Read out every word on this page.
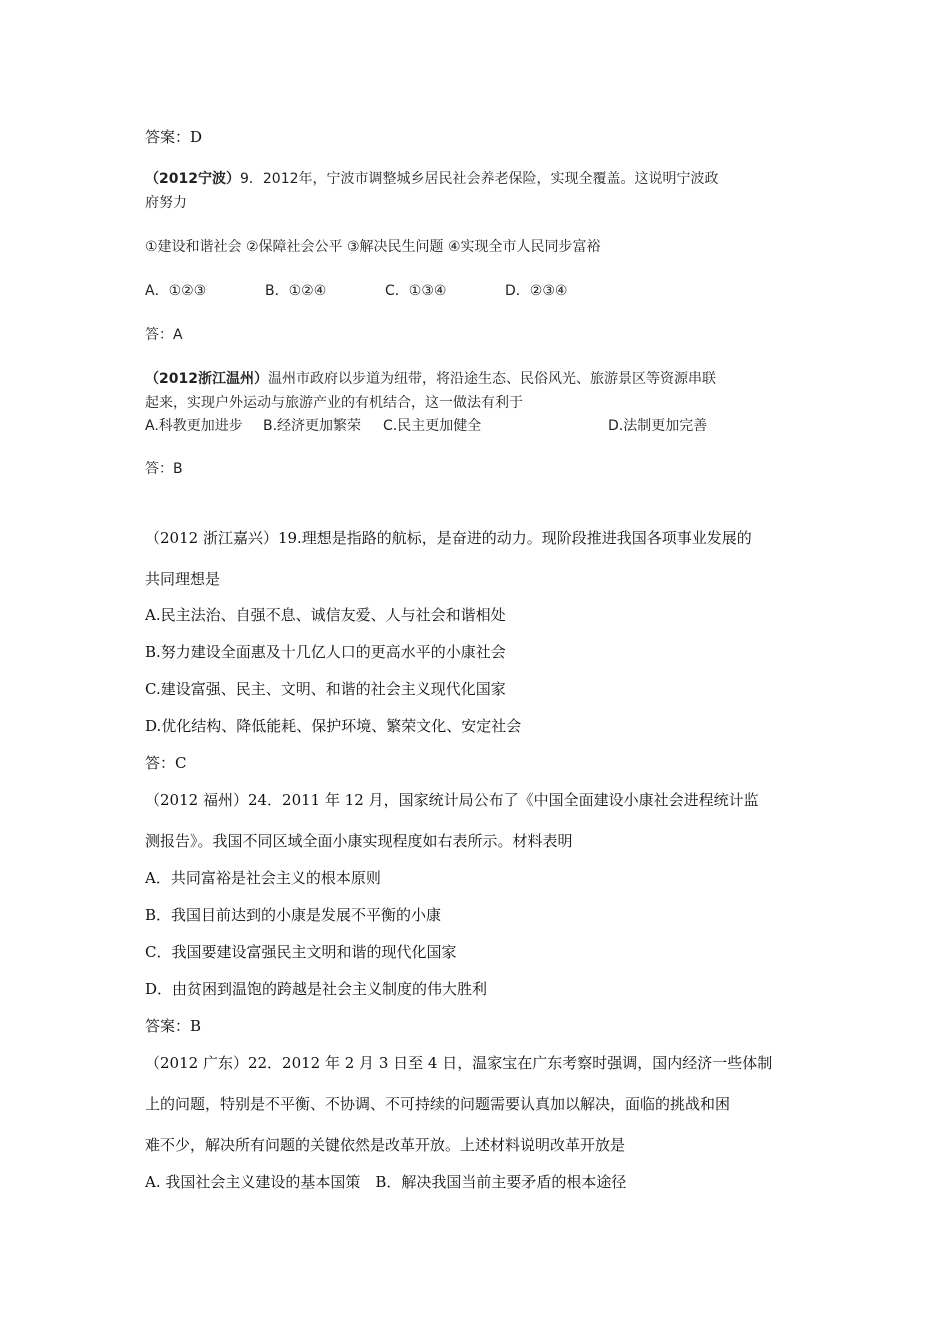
答案：D
（2012宁波）9．2012年，宁波市调整城乡居民社会养老保险，实现全覆盖。这说明宁波政
府努力
①建设和谐社会 ②保障社会公平 ③解决民生问题 ④实现全市人民同步富裕
A．①②③	B．①②④	C．①③④	D．②③④
答：A
（2012浙江温州）温州市政府以步道为纽带，将沿途生态、民俗风光、旅游景区等资源串联
起来，实现户外运动与旅游产业的有机结合，这一做法有利于
A.科教更加进步 B.经济更加繁荣 C.民主更加健全	D.法制更加完善
答：B
（2012 浙江嘉兴）19.理想是指路的航标，是奋进的动力。现阶段推进我国各项事业发展的
共同理想是
A.民主法治、自强不息、诚信友爱、人与社会和谐相处
B.努力建设全面惠及十几亿人口的更高水平的小康社会
C.建设富强、民主、文明、和谐的社会主义现代化国家
D.优化结构、降低能耗、保护环境、繁荣文化、安定社会
答：C
（2012 福州）24．2011 年 12 月，国家统计局公布了《中国全面建设小康社会进程统计监
测报告》。我国不同区域全面小康实现程度如右表所示。材料表明
A．共同富裕是社会主义的根本原则
B．我国目前达到的小康是发展不平衡的小康
C．我国要建设富强民主文明和谐的现代化国家
D．由贫困到温饱的跨越是社会主义制度的伟大胜利
答案：B
（2012 广东）22．2012 年 2 月 3 日至 4 日，温家宝在广东考察时强调，国内经济一些体制
上的问题，特别是不平衡、不协调、不可持续的问题需要认真加以解决，面临的挑战和困
难不少，解决所有问题的关键依然是改革开放。上述材料说明改革开放是
A. 我国社会主义建设的基本国策　B．解决我国当前主要矛盾的根本途径
